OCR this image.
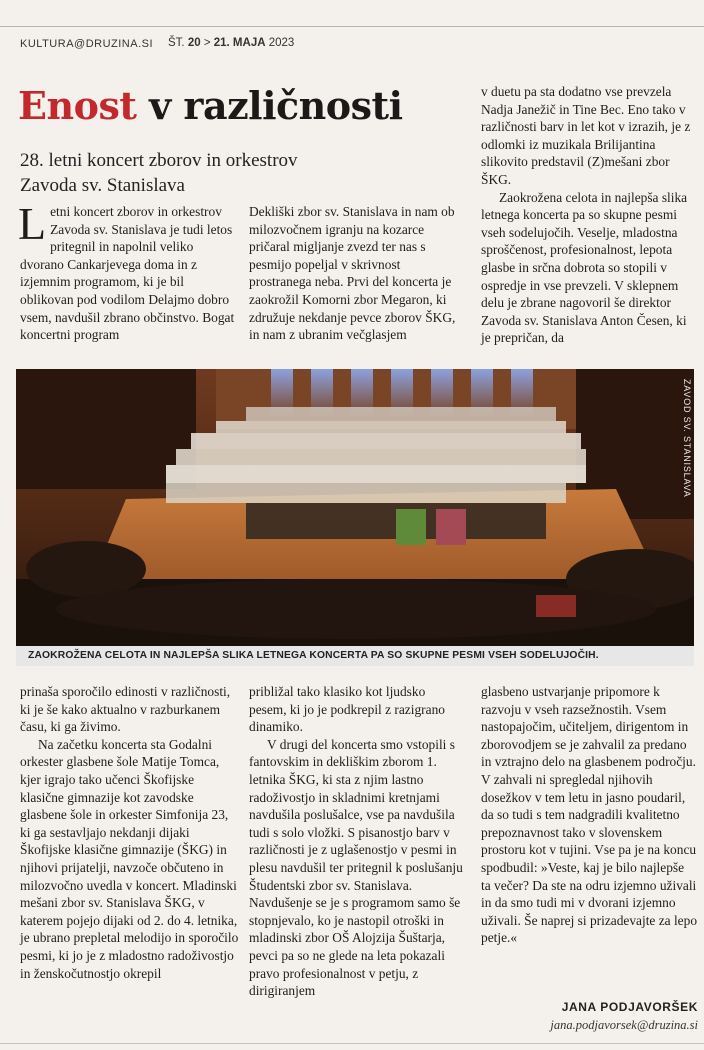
KULTURA@DRUZINA.SI ŠT. 20 > 21. MAJA 2023
Enost v različnosti
28. letni koncert zborov in orkestrov Zavoda sv. Stanislava

Letni koncert zborov in orkestrov Zavoda sv. Stanislava je tudi letos pritegnil in napolnil veliko dvorano Cankarjevega doma in z izjemnim programom, ki je bil oblikovan pod vodilom Delajmo dobro vsem, navdušil zbrano občinstvo. Bogat koncertni program

Dekliški zbor sv. Stanislava in nam ob milozvočnem igranju na kozarce pričaral migljanje zvezd ter nas s pesmijo popeljal v skrivnost prostranega neba. Prvi del koncerta je zaokrožil Komorni zbor Megaron, ki združuje nekdanje pevce zborov ŠKG, in nam z ubranim večglasjem

v duetu pa sta dodatno vse prevzela Nadja Janežič in Tine Bec. Eno tako v različnosti barv in let kot v izrazih, je z odlomki iz muzikala Brilijantina slikovito predstavil (Z)mešani zbor ŠKG.

Zaokrožena celota in najlepša slika letnega koncerta pa so skupne pesmi vseh sodelujočih. Veselje, mladostna sproščenost, profesionalnost, lepota glasbe in srčna dobrota so stopili v ospredje in vse prevzeli. V sklepnem delu je zbrane nagovoril še direktor Zavoda sv. Stanislava Anton Česen, ki je prepričan, da

ZAVOD SV. STANISLAVA
ZAOKROŽENA CELOTA IN NAJLEPŠA SLIKA LETNEGA KONCERTA PA SO SKUPNE PESMI VSEH SODELUJOČIH.

prinaša sporočilo edinosti v različnosti, ki je še kako aktualno v razburkanem času, ki ga živimo.

Na začetku koncerta sta Godalni orkester glasbene šole Matije Tomca, kjer igrajo tako učenci Škofijske klasične gimnazije kot zavodske glasbene šole in orkester Simfonija 23, ki ga sestavljajo nekdanji dijaki Škofijske klasične gimnazije (ŠKG) in njihovi prijatelji, navzoče občuteno in milozvočno uvedla v koncert. Mladinski mešani zbor sv. Stanislava ŠKG, v katerem pojejo dijaki od 2. do 4. letnika, je ubrano prepletal melodijo in sporočilo pesmi, ki jo je z mladostno radoživostjo in ženskočutnostjo okrepil

približal tako klasiko kot ljudsko pesem, ki jo je podkrepil z razigrano dinamiko.

V drugi del koncerta smo vstopili s fantovskim in dekliškim zborom 1. letnika ŠKG, ki sta z njim lastno radoživostjo in skladnimi kretnjami navdušila poslušalce, vse pa navdušila tudi s solo vložki. S pisanostjo barv v različnosti je z uglašenostjo v pesmi in plesu navdušil ter pritegnil k poslušanju Študentski zbor sv. Stanislava. Navdušenje se je s programom samo še stopnjevalo, ko je nastopil otroški in mladinski zbor OŠ Alojzija Šuštarja, pevci pa so ne glede na leta pokazali pravo profesionalnost v petju, z dirigiranjem

glasbeno ustvarjanje pripomore k razvoju v vseh razsežnostih. Vsem nastopajočim, učiteljem, dirigentom in zborovodjem se je zahvalil za predano in vztrajno delo na glasbenem področju. V zahvali ni spregledal njihovih dosežkov v tem letu in jasno poudaril, da so tudi s tem nadgradili kvalitetno prepoznavnost tako v slovenskem prostoru kot v tujini. Vse pa je na koncu spodbudil: »Veste, kaj je bilo najlepše ta večer? Da ste na odru izjemno uživali in da smo tudi mi v dvorani izjemno uživali. Še naprej si prizadevajte za lepo petje.«

JANA PODJAVORŠEK
jana.podjavorsek@druzina.si
